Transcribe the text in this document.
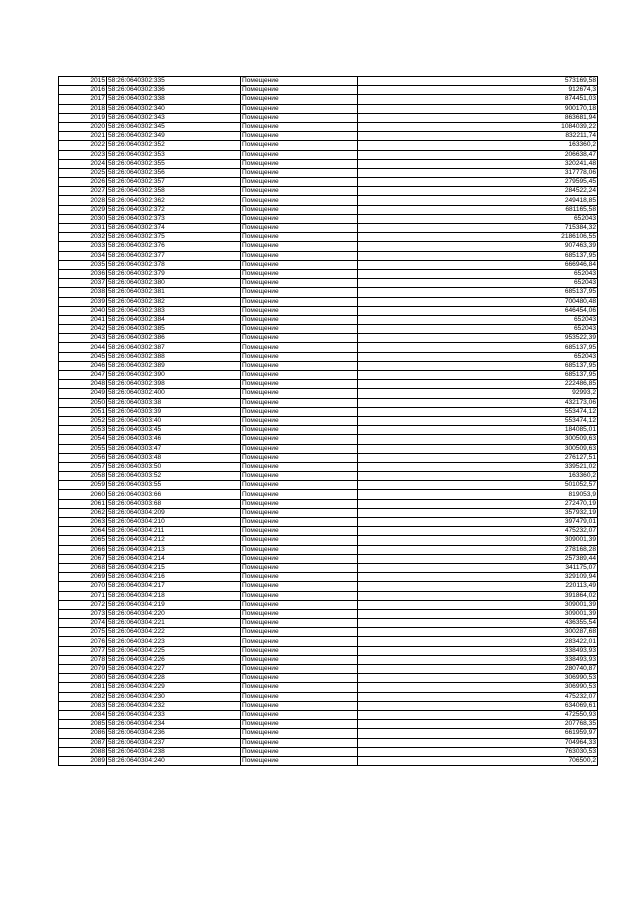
2015	58:26:0640302:335	Помещение	573169,58
2016	58:26:0640302:336	Помещение	912674,3
2017	58:26:0640302:338	Помещение	874451,03
2018	58:26:0640302:340	Помещение	900170,18
2019	58:26:0640302:343	Помещение	863681,94
2020	58:26:0640302:345	Помещение	1084039,22
2021	58:26:0640302:349	Помещение	832211,74
2022	58:26:0640302:352	Помещение	163360,2
2023	58:26:0640302:353	Помещение	206638,47
2024	58:26:0640302:355	Помещение	320241,48
2025	58:26:0640302:356	Помещение	317778,06
2026	58:26:0640302:357	Помещение	279595,45
2027	58:26:0640302:358	Помещение	284522,24
2028	58:26:0640302:362	Помещение	249418,85
2029	58:26:0640302:372	Помещение	681165,58
2030	58:26:0640302:373	Помещение	652043
2031	58:26:0640302:374	Помещение	715384,32
2032	58:26:0640302:375	Помещение	2186106,55
2033	58:26:0640302:376	Помещение	907463,39
2034	58:26:0640302:377	Помещение	685137,95
2035	58:26:0640302:378	Помещение	666946,84
2036	58:26:0640302:379	Помещение	652043
2037	58:26:0640302:380	Помещение	652043
2038	58:26:0640302:381	Помещение	685137,95
2039	58:26:0640302:382	Помещение	700480,48
2040	58:26:0640302:383	Помещение	646454,06
2041	58:26:0640302:384	Помещение	652043
2042	58:26:0640302:385	Помещение	652043
2043	58:26:0640302:386	Помещение	953522,39
2044	58:26:0640302:387	Помещение	685137,95
2045	58:26:0640302:388	Помещение	652043
2046	58:26:0640302:389	Помещение	685137,95
2047	58:26:0640302:390	Помещение	685137,95
2048	58:26:0640302:398	Помещение	222486,85
2049	58:26:0640302:400	Помещение	92993,2
2050	58:26:0640303:38	Помещение	432173,06
2051	58:26:0640303:39	Помещение	553474,12
2052	58:26:0640303:40	Помещение	553474,12
2053	58:26:0640303:45	Помещение	184085,01
2054	58:26:0640303:46	Помещение	300509,63
2055	58:26:0640303:47	Помещение	300509,63
2056	58:26:0640303:48	Помещение	276127,51
2057	58:26:0640303:50	Помещение	339521,02
2058	58:26:0640303:52	Помещение	163360,2
2059	58:26:0640303:55	Помещение	501052,57
2060	58:26:0640303:66	Помещение	819053,9
2061	58:26:0640303:68	Помещение	272470,19
2062	58:26:0640304:209	Помещение	357932,19
2063	58:26:0640304:210	Помещение	397479,01
2064	58:26:0640304:211	Помещение	475232,07
2065	58:26:0640304:212	Помещение	309001,39
2066	58:26:0640304:213	Помещение	278168,28
2067	58:26:0640304:214	Помещение	257389,44
2068	58:26:0640304:215	Помещение	341175,07
2069	58:26:0640304:216	Помещение	329109,94
2070	58:26:0640304:217	Помещение	220113,49
2071	58:26:0640304:218	Помещение	391864,02
2072	58:26:0640304:219	Помещение	309001,39
2073	58:26:0640304:220	Помещение	309001,39
2074	58:26:0640304:221	Помещение	436355,54
2075	58:26:0640304:222	Помещение	300287,68
2076	58:26:0640304:223	Помещение	283422,01
2077	58:26:0640304:225	Помещение	338493,93
2078	58:26:0640304:226	Помещение	338493,93
2079	58:26:0640304:227	Помещение	280740,87
2080	58:26:0640304:228	Помещение	306990,53
2081	58:26:0640304:229	Помещение	306990,53
2082	58:26:0640304:230	Помещение	475232,07
2083	58:26:0640304:232	Помещение	634069,61
2084	58:26:0640304:233	Помещение	472550,93
2085	58:26:0640304:234	Помещение	207768,35
2086	58:26:0640304:236	Помещение	661959,97
2087	58:26:0640304:237	Помещение	704964,33
2088	58:26:0640304:238	Помещение	763030,53
2089	58:26:0640304:240	Помещение	706500,2
